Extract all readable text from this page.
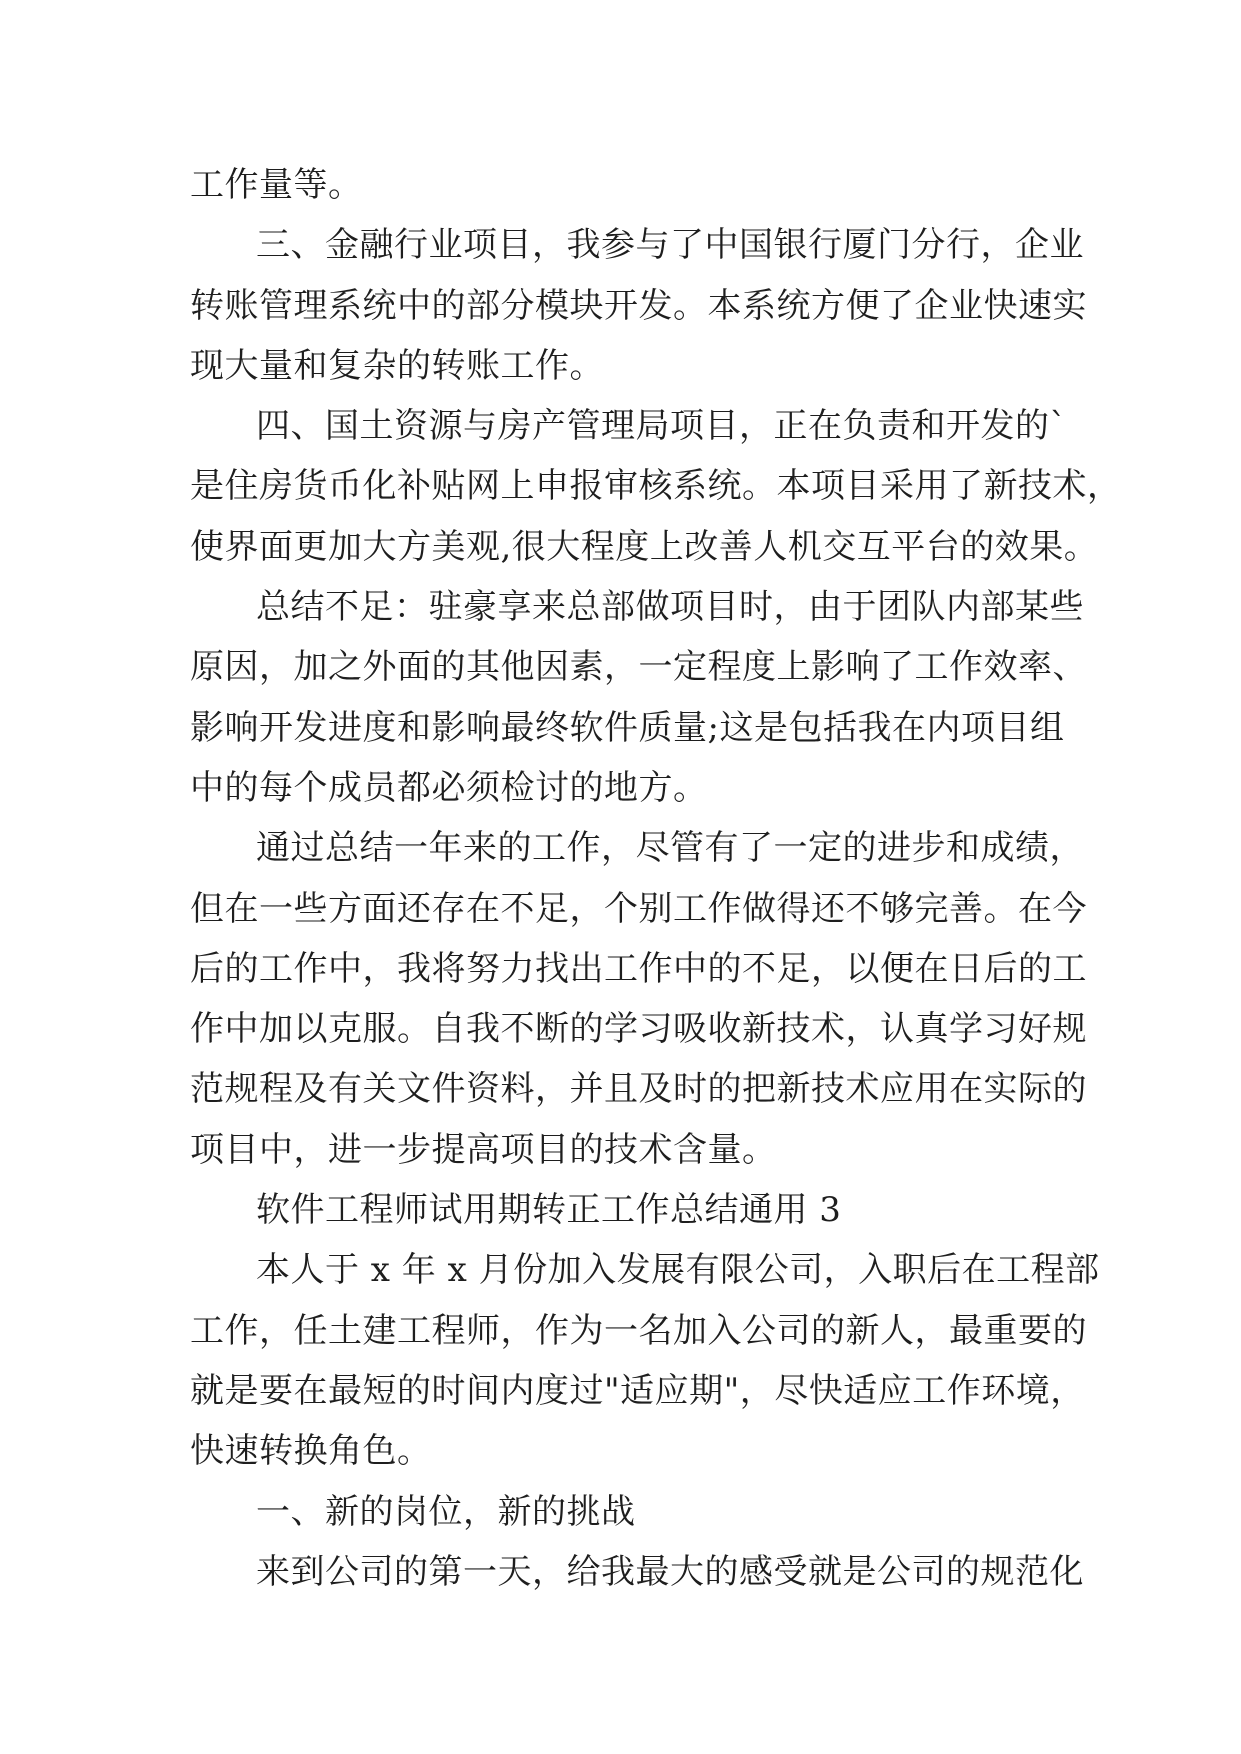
工作量等。

三、金融行业项目，我参与了中国银行厦门分行，企业
转账管理系统中的部分模块开发。本系统方便了企业快速实
现大量和复杂的转账工作。

四、国土资源与房产管理局项目，正在负责和开发的`
是住房货币化补贴网上申报审核系统。本项目采用了新技术，
使界面更加大方美观,很大程度上改善人机交互平台的效果。

总结不足：驻豪享来总部做项目时，由于团队内部某些
原因，加之外面的其他因素，一定程度上影响了工作效率、
影响开发进度和影响最终软件质量;这是包括我在内项目组
中的每个成员都必须检讨的地方。

通过总结一年来的工作，尽管有了一定的进步和成绩，
但在一些方面还存在不足，个别工作做得还不够完善。在今
后的工作中，我将努力找出工作中的不足，以便在日后的工
作中加以克服。自我不断的学习吸收新技术，认真学习好规
范规程及有关文件资料，并且及时的把新技术应用在实际的
项目中，进一步提高项目的技术含量。

软件工程师试用期转正工作总结通用 3

本人于 x 年 x 月份加入发展有限公司，入职后在工程部
工作，任土建工程师，作为一名加入公司的新人，最重要的
就是要在最短的时间内度过"适应期"，尽快适应工作环境，
快速转换角色。

一、新的岗位，新的挑战

来到公司的第一天，给我最大的感受就是公司的规范化
